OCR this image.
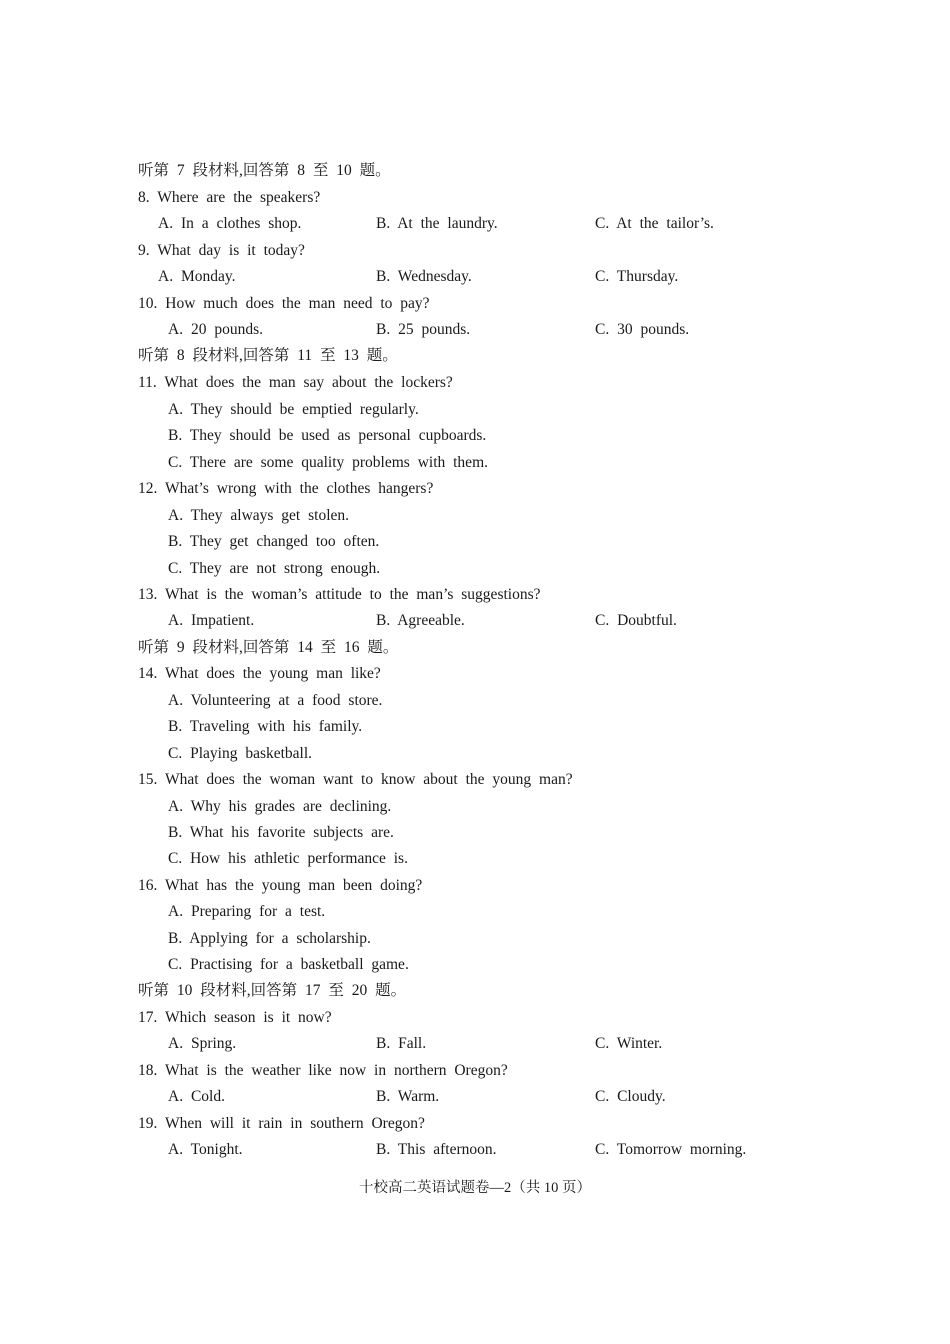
听第 7 段材料,回答第 8 至 10 题。
8. Where are the speakers?
A. In a clothes shop.	B. At the laundry.	C. At the tailor’s.
9. What day is it today?
A. Monday.	B. Wednesday.	C. Thursday.
10. How much does the man need to pay?
A. 20 pounds.	B. 25 pounds.	C. 30 pounds.
听第 8 段材料,回答第 11 至 13 题。
11. What does the man say about the lockers?
A. They should be emptied regularly.
B. They should be used as personal cupboards.
C. There are some quality problems with them.
12. What’s wrong with the clothes hangers?
A. They always get stolen.
B. They get changed too often.
C. They are not strong enough.
13. What is the woman’s attitude to the man’s suggestions?
A. Impatient.	B. Agreeable.	C. Doubtful.
听第 9 段材料,回答第 14 至 16 题。
14. What does the young man like?
A. Volunteering at a food store.
B. Traveling with his family.
C. Playing basketball.
15. What does the woman want to know about the young man?
A. Why his grades are declining.
B. What his favorite subjects are.
C. How his athletic performance is.
16. What has the young man been doing?
A. Preparing for a test.
B. Applying for a scholarship.
C. Practising for a basketball game.
听第 10 段材料,回答第 17 至 20 题。
17. Which season is it now?
A. Spring.	B. Fall.	C. Winter.
18. What is the weather like now in northern Oregon?
A. Cold.	B. Warm.	C. Cloudy.
19. When will it rain in southern Oregon?
A. Tonight.	B. This afternoon.	C. Tomorrow morning.
十校高二英语试题卷—2（共 10 页）
